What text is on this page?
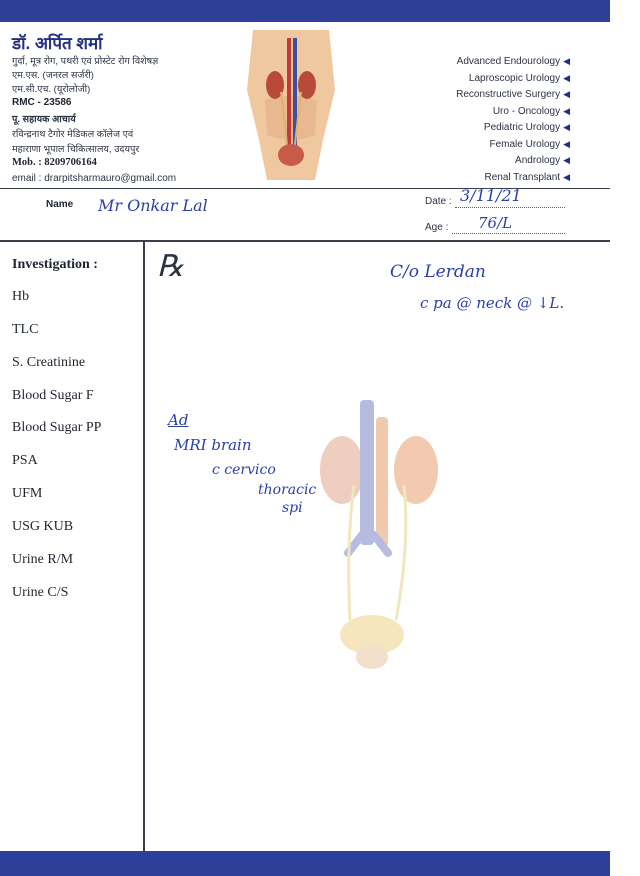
डॉ. अर्पित शर्मा
गुर्दा, मूत्र रोग, पथरी एवं प्रोस्टेट रोग विशेषज्ञ
एम.एस. (जनरल सर्जरी)
एम.सी.एच. (यूरोलोजी)
RMC - 23586
पू. सहायक आचार्य
रविन्द्रनाथ टैगोर मेडिकल कॉलेज एवं
महाराणा भूपाल चिकित्सालय, उदयपुर
Mob. : 8209706164
email : drarpitsharmauro@gmail.com
Advanced Endourology ◀
Laproscopic Urology ◀
Reconstructive Surgery ◀
Uro - Oncology ◀
Pediatric Urology ◀
Female Urology ◀
Andrology ◀
Renal Transplant ◀
Name Mr Onkar Lal	Date : 3/11/21
Age : 76/L
Investigation :
Hb
TLC
S. Creatinine
Blood Sugar F
Blood Sugar PP
PSA
UFM
USG KUB
Urine R/M
Urine C/S
℞	C/o Lerdan
c pa @ neck @ ↓L.
Ad
MRI brain
c cervico
thoracic
spi
